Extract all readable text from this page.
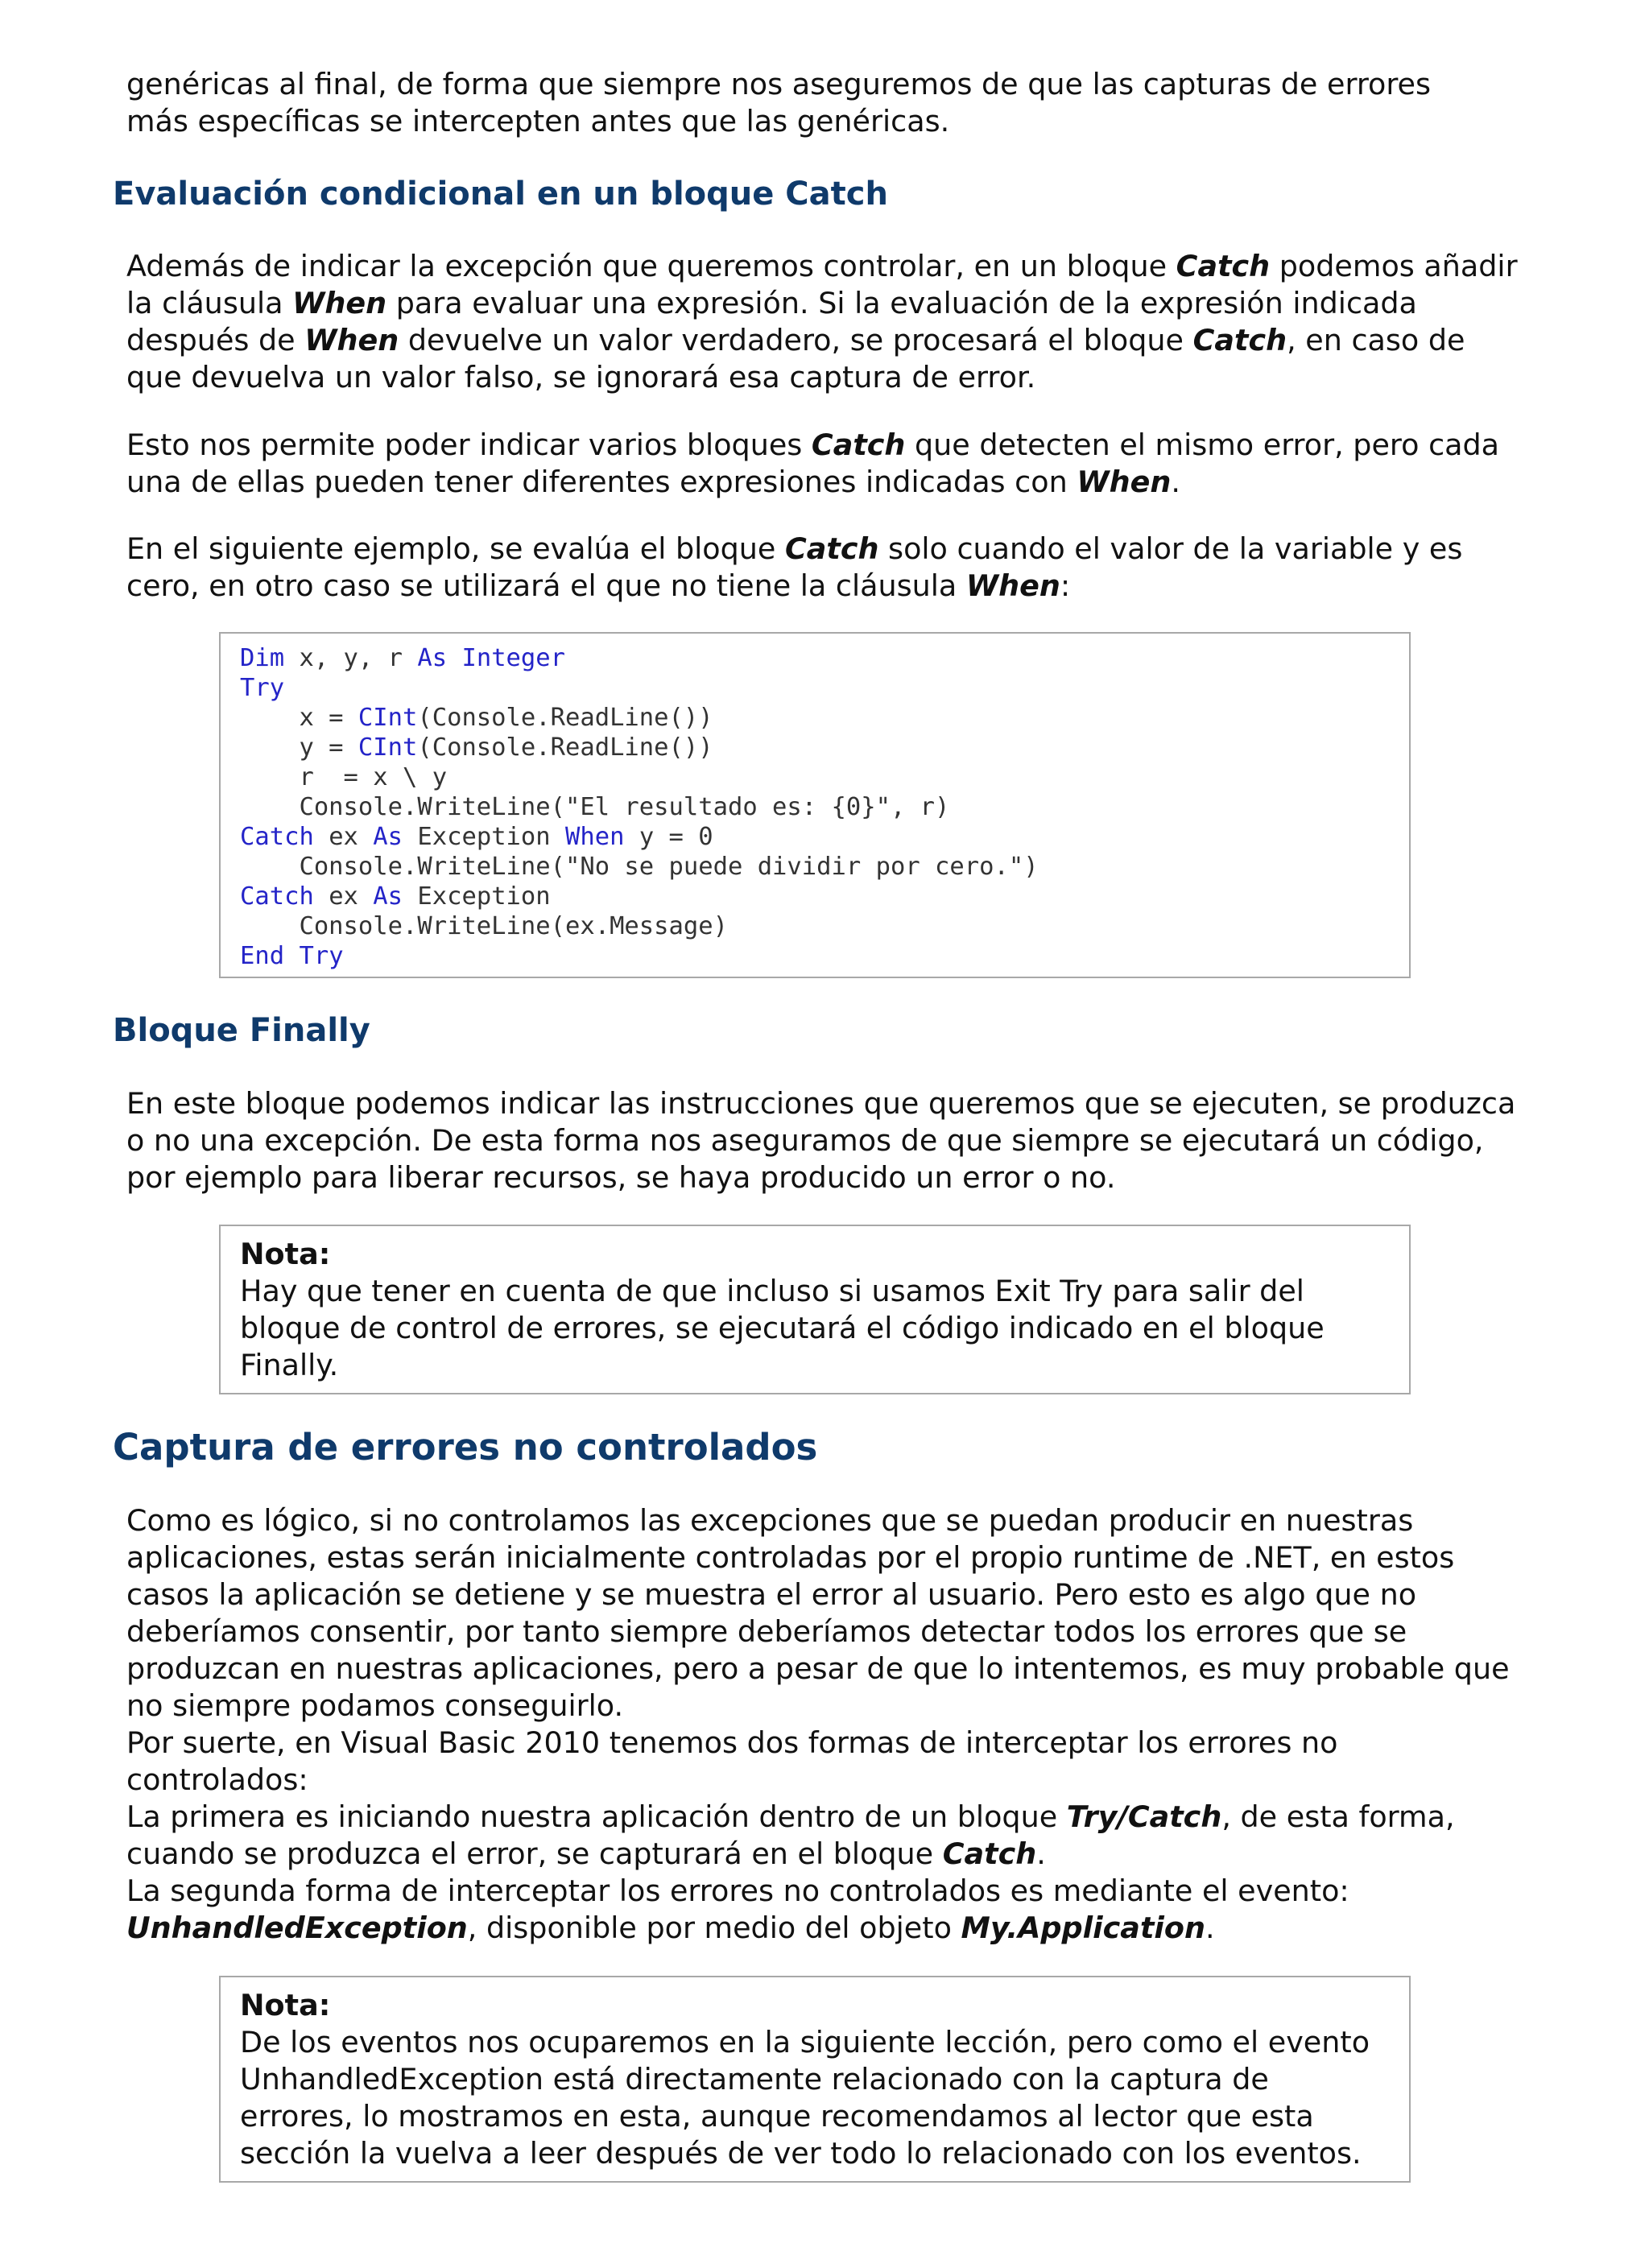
genéricas al final, de forma que siempre nos aseguremos de que las capturas de errores
más específicas se intercepten antes que las genéricas.

Evaluación condicional en un bloque Catch

Además de indicar la excepción que queremos controlar, en un bloque Catch podemos añadir la cláusula When para evaluar una expresión. Si la evaluación de la expresión indicada después de When devuelve un valor verdadero, se procesará el bloque Catch, en caso de que devuelva un valor falso, se ignorará esa captura de error.

Esto nos permite poder indicar varios bloques Catch que detecten el mismo error, pero cada una de ellas pueden tener diferentes expresiones indicadas con When.

En el siguiente ejemplo, se evalúa el bloque Catch solo cuando el valor de la variable y es cero, en otro caso se utilizará el que no tiene la cláusula When:

Dim x, y, r As Integer
Try
x = CInt(Console.ReadLine())
y = CInt(Console.ReadLine())
r  = x \ y
Console.WriteLine("El resultado es: {0}", r)
Catch ex As Exception When y = 0
Console.WriteLine("No se puede dividir por cero.")
Catch ex As Exception
Console.WriteLine(ex.Message)
End Try
Bloque Finally

En este bloque podemos indicar las instrucciones que queremos que se ejecuten, se produzca o no una excepción. De esta forma nos aseguramos de que siempre se ejecutará un código, por ejemplo para liberar recursos, se haya producido un error o no.

Nota:
Hay que tener en cuenta de que incluso si usamos Exit Try para salir del bloque de control de errores, se ejecutará el código indicado en el bloque Finally.
Captura de errores no controlados

Como es lógico, si no controlamos las excepciones que se puedan producir en nuestras aplicaciones, estas serán inicialmente controladas por el propio runtime de .NET, en estos casos la aplicación se detiene y se muestra el error al usuario. Pero esto es algo que no deberíamos consentir, por tanto siempre deberíamos detectar todos los errores que se produzcan en nuestras aplicaciones, pero a pesar de que lo intentemos, es muy probable que no siempre podamos conseguirlo.

Por suerte, en Visual Basic 2010 tenemos dos formas de interceptar los errores no controlados:

La primera es iniciando nuestra aplicación dentro de un bloque Try/Catch, de esta forma, cuando se produzca el error, se capturará en el bloque Catch.

La segunda forma de interceptar los errores no controlados es mediante el evento: UnhandledException, disponible por medio del objeto My.Application.

Nota:
De los eventos nos ocuparemos en la siguiente lección, pero como el evento UnhandledException está directamente relacionado con la captura de errores, lo mostramos en esta, aunque recomendamos al lector que esta sección la vuelva a leer después de ver todo lo relacionado con los eventos.
